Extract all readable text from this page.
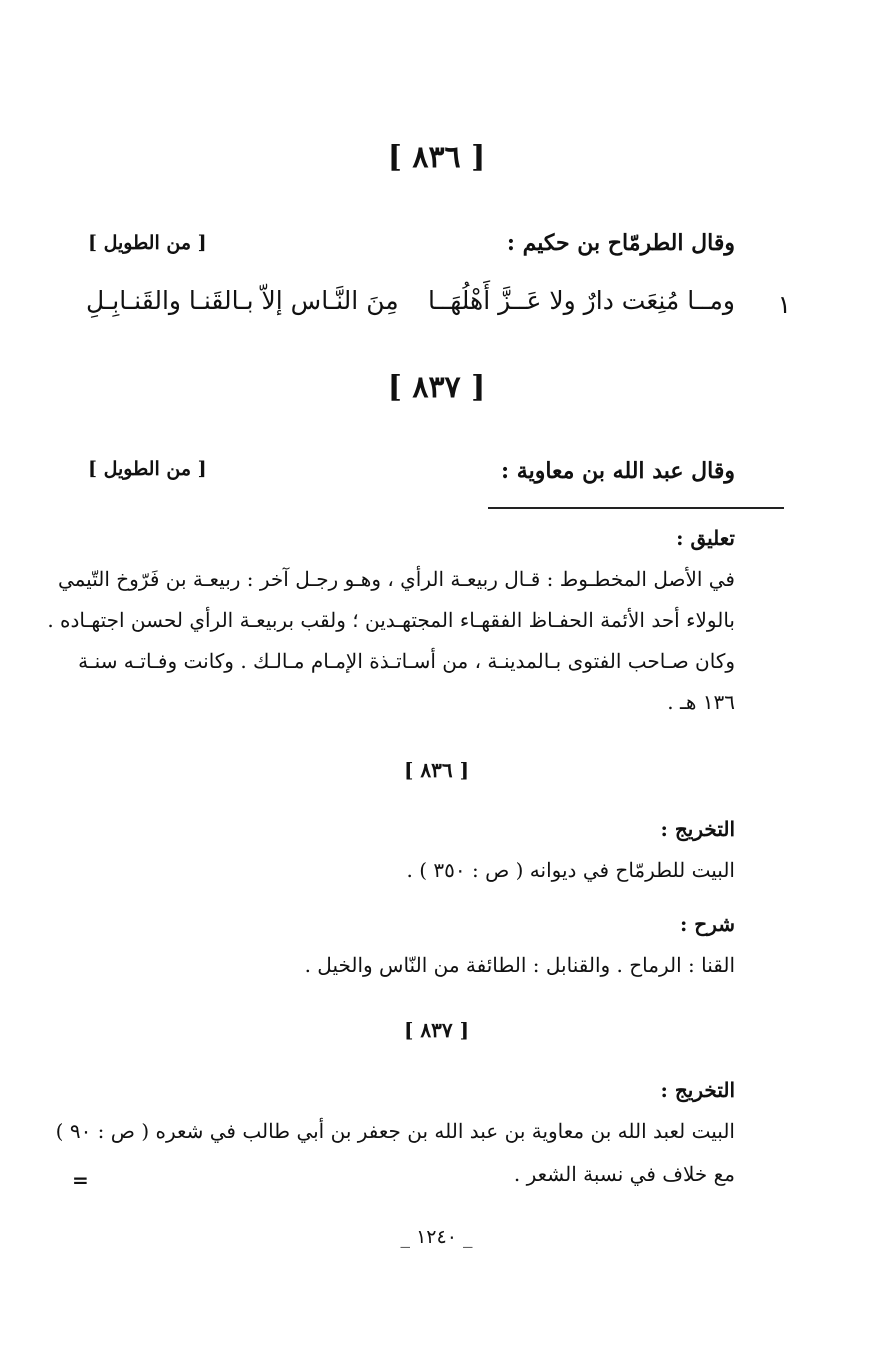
[ ٨٣٦ ]
وقال الطرمّاح بن حكيم :
[ من الطويل ]
١
ومــا مُنِعَت دارٌ ولا عَــزَّ أَهْلُهَــا
مِنَ النَّـاس إلاّ بـالقَنـا والقَنـابِـلِ
[ ٨٣٧ ]
وقال عبد الله بن معاوية :
[ من الطويل ]
تعليق :
في الأصل المخطـوط : قـال ربيعـة الرأي ، وهـو رجـل آخر : ربيعـة بن فَرّوخ التّيمي
بالولاء أحد الأئمة الحفـاظ الفقهـاء المجتهـدين ؛ ولقب بربيعـة الرأي لحسن اجتهـاده .
وكان صـاحب الفتوى بـالمدينـة ، من أسـاتـذة الإمـام مـالـك . وكانت وفـاتـه سنـة
١٣٦ هـ .
[ ٨٣٦ ]
التخريج :
البيت للطرمّاح في ديوانه ( ص : ٣٥٠ ) .
شرح :
القنا : الرماح . والقنابل : الطائفة من النّاس والخيل .
[ ٨٣٧ ]
التخريج :
البيت لعبد الله بن معاوية بن عبد الله بن جعفر بن أبي طالب في شعره ( ص : ٩٠ )
مع خلاف في نسبة الشعر .
=
_ ١٢٤٠ _
